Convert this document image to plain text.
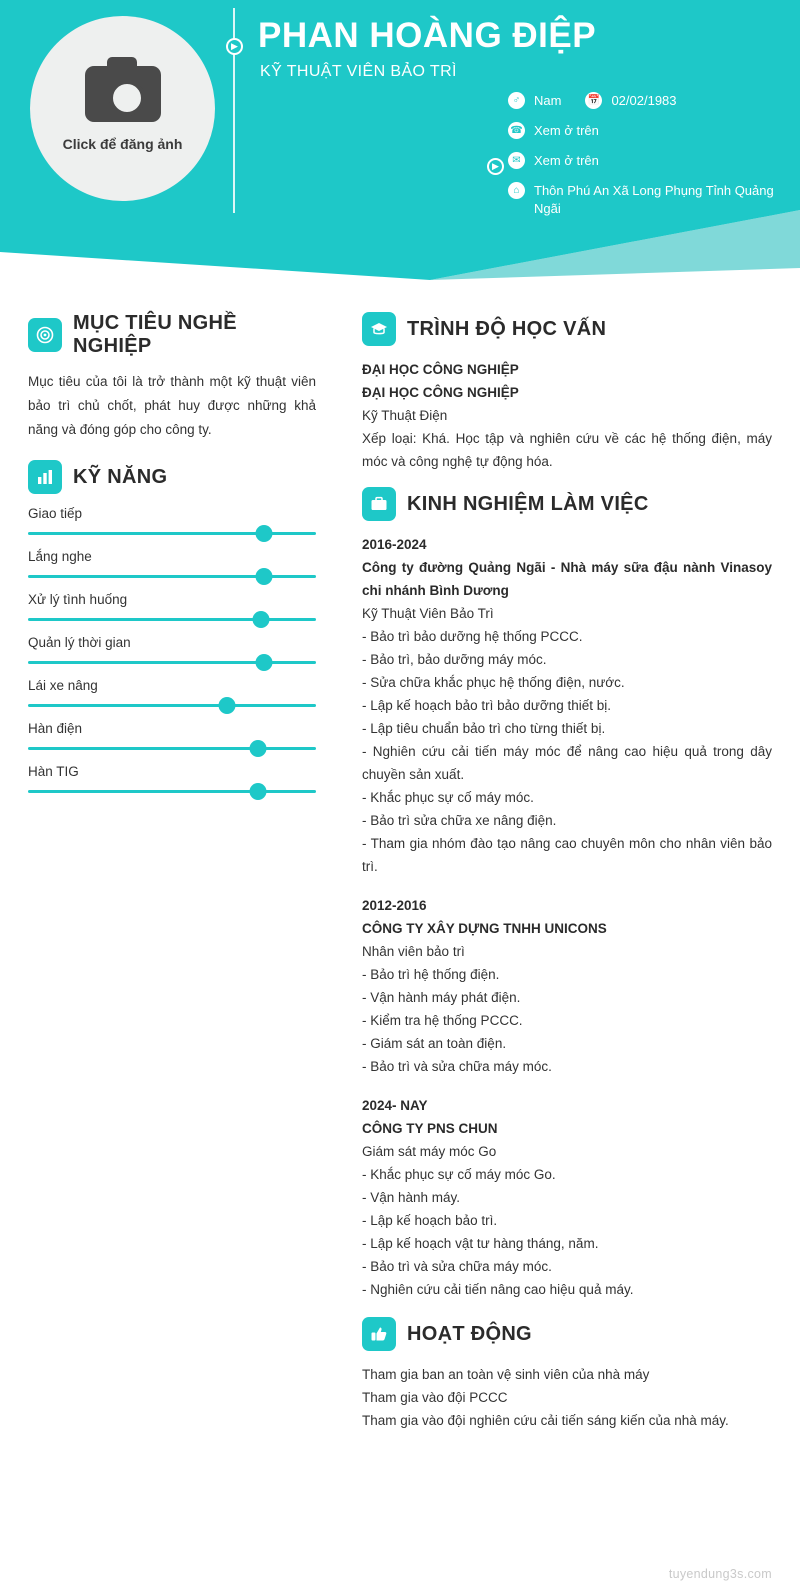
Click để đăng ảnh
▶
▶
PHAN HOÀNG ĐIỆP
KỸ THUẬT VIÊN BẢO TRÌ
♂	Nam	📅 02/02/1983
☎ Xem ở trên
✉	Xem ở trên
⌂	Thôn Phú An Xã Long Phụng Tỉnh Quảng Ngãi
MỤC TIÊU NGHỀ NGHIỆP

Mục tiêu của tôi là trở thành một kỹ thuật viên bảo trì chủ chốt, phát huy được những khả năng và đóng góp cho công ty.

KỸ NĂNG
Giao tiếp
Lắng nghe
Xử lý tình huống
Quản lý thời gian
Lái xe nâng
Hàn điện
Hàn TIG
TRÌNH ĐỘ HỌC VẤN

ĐẠI HỌC CÔNG NGHIỆP

ĐẠI HỌC CÔNG NGHIỆP

Kỹ Thuật Điện

Xếp loại: Khá. Học tập và nghiên cứu về các hệ thống điện, máy móc và công nghệ tự động hóa.

KINH NGHIỆM LÀM VIỆC

2016-2024

Công ty đường Quảng Ngãi - Nhà máy sữa đậu nành Vinasoy chi nhánh Bình Dương

Kỹ Thuật Viên Bảo Trì

- Bảo trì bảo dưỡng hệ thống PCCC.

- Bảo trì, bảo dưỡng máy móc.

- Sửa chữa khắc phục hệ thống điện, nước.

- Lập kế hoạch bảo trì bảo dưỡng thiết bị.

- Lập tiêu chuẩn bảo trì cho từng thiết bị.

- Nghiên cứu cải tiến máy móc để nâng cao hiệu quả trong dây chuyền sản xuất.

- Khắc phục sự cố máy móc.

- Bảo trì sửa chữa xe nâng điện.

- Tham gia nhóm đào tạo nâng cao chuyên môn cho nhân viên bảo trì.

2012-2016

CÔNG TY XÂY DỰNG TNHH UNICONS

Nhân viên bảo trì

- Bảo trì hệ thống điện.

- Vận hành máy phát điện.

- Kiểm tra hệ thống PCCC.

- Giám sát an toàn điện.

- Bảo trì và sửa chữa máy móc.

2024- NAY

CÔNG TY PNS CHUN

Giám sát máy móc Go

- Khắc phục sự cố máy móc Go.

- Vận hành máy.

- Lập kế hoạch bảo trì.

- Lập kế hoạch vật tư hàng tháng, năm.

- Bảo trì và sửa chữa máy móc.

- Nghiên cứu cải tiến nâng cao hiệu quả máy.

HOẠT ĐỘNG

Tham gia ban an toàn vệ sinh viên của nhà máy

Tham gia vào đội PCCC

Tham gia vào đội nghiên cứu cải tiến sáng kiến của nhà máy.

tuyendung3s.com
